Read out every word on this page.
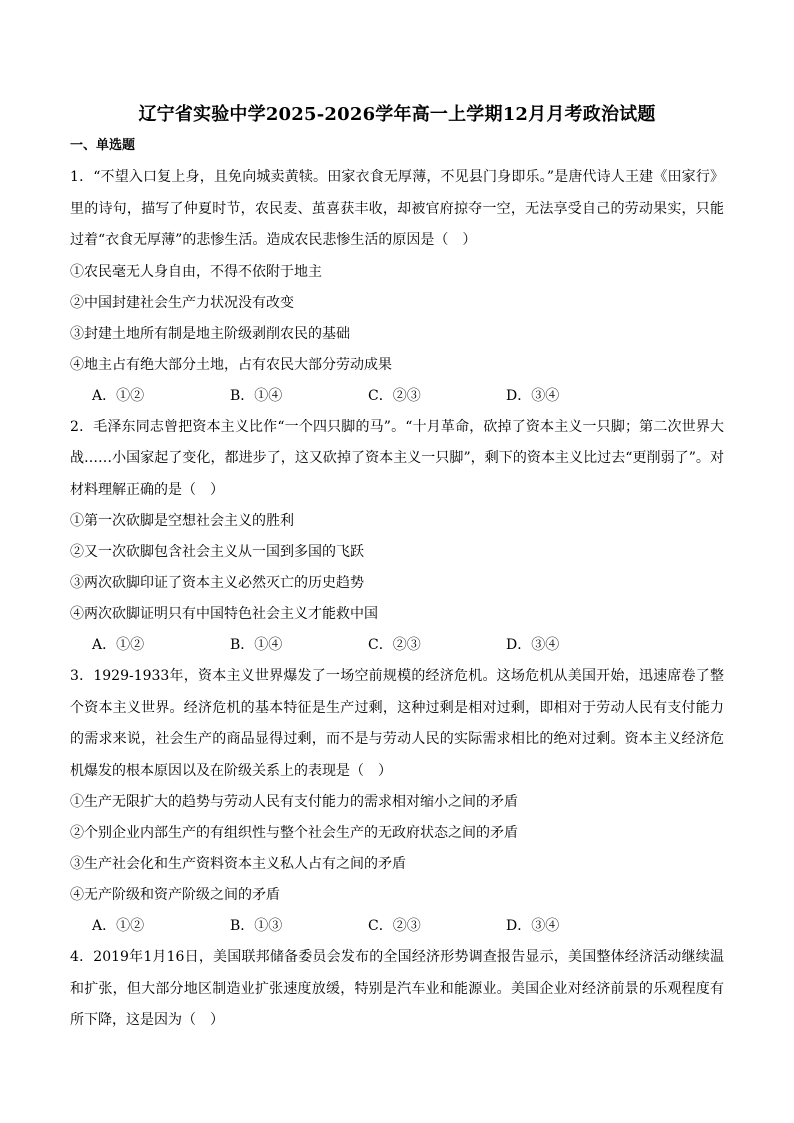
辽宁省实验中学2025-2026学年高一上学期12月月考政治试题
一、单选题

1．“不望入口复上身，且免向城卖黄犊。田家衣食无厚薄，不见县门身即乐。”是唐代诗人王建《田家行》里的诗句，描写了仲夏时节，农民麦、茧喜获丰收，却被官府掠夺一空，无法享受自己的劳动果实，只能过着“衣食无厚薄”的悲惨生活。造成农民悲惨生活的原因是（　）

①农民毫无人身自由，不得不依附于地主
②中国封建社会生产力状况没有改变
③封建土地所有制是地主阶级剥削农民的基础
④地主占有绝大部分土地，占有农民大部分劳动成果
A．①②	B．①④	C．②③	D．③④

2．毛泽东同志曾把资本主义比作“一个四只脚的马”。“十月革命，砍掉了资本主义一只脚；第二次世界大战……小国家起了变化，都进步了，这又砍掉了资本主义一只脚”，剩下的资本主义比过去“更削弱了”。对材料理解正确的是（　）

①第一次砍脚是空想社会主义的胜利
②又一次砍脚包含社会主义从一国到多国的飞跃
③两次砍脚印证了资本主义必然灭亡的历史趋势
④两次砍脚证明只有中国特色社会主义才能救中国
A．①②	B．①④	C．②③	D．③④

3．1929-1933年，资本主义世界爆发了一场空前规模的经济危机。这场危机从美国开始，迅速席卷了整个资本主义世界。经济危机的基本特征是生产过剩，这种过剩是相对过剩，即相对于劳动人民有支付能力的需求来说，社会生产的商品显得过剩，而不是与劳动人民的实际需求相比的绝对过剩。资本主义经济危机爆发的根本原因以及在阶级关系上的表现是（　）

①生产无限扩大的趋势与劳动人民有支付能力的需求相对缩小之间的矛盾
②个别企业内部生产的有组织性与整个社会生产的无政府状态之间的矛盾
③生产社会化和生产资料资本主义私人占有之间的矛盾
④无产阶级和资产阶级之间的矛盾
A．①②	B．①③	C．②③	D．③④

4．2019年1月16日，美国联邦储备委员会发布的全国经济形势调查报告显示，美国整体经济活动继续温和扩张，但大部分地区制造业扩张速度放缓，特别是汽车业和能源业。美国企业对经济前景的乐观程度有所下降，这是因为（　）
